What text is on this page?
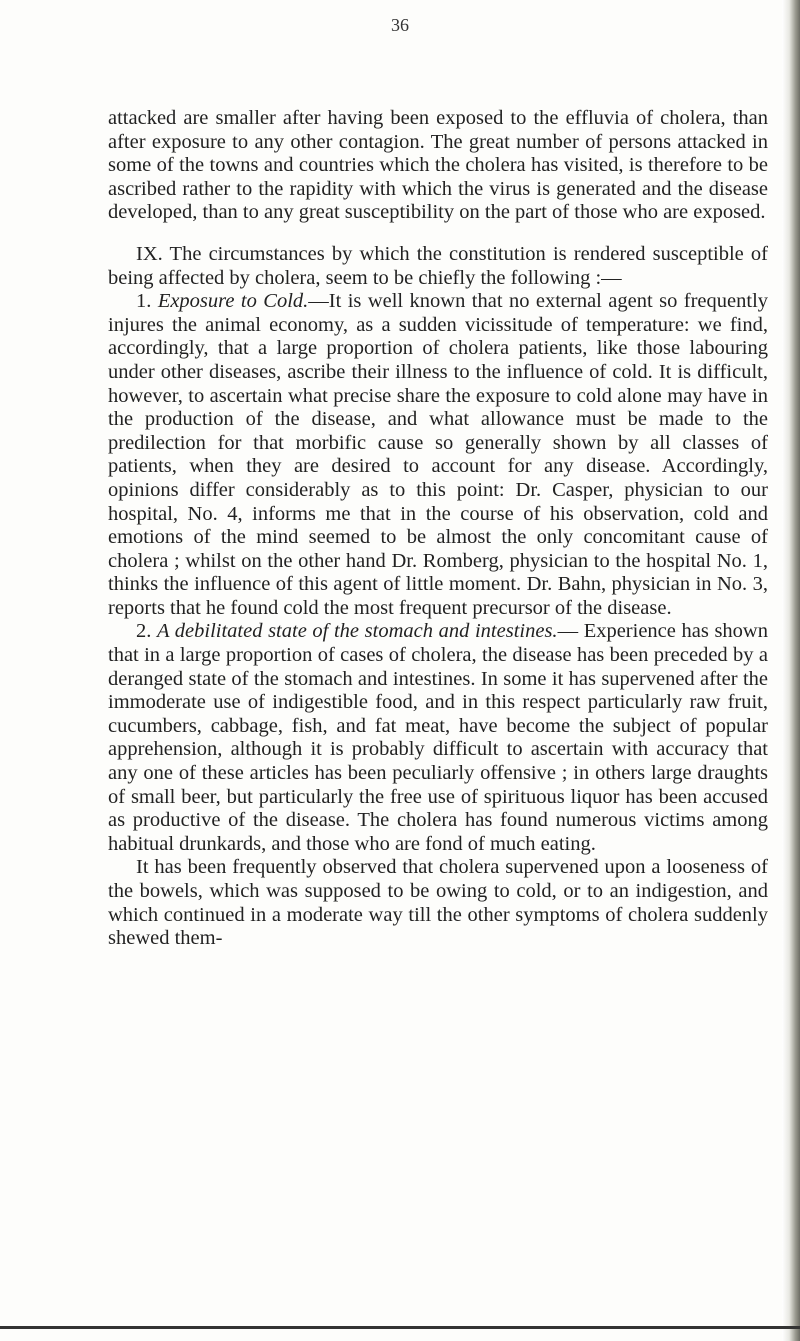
36

attacked are smaller after having been exposed to the effluvia of cholera, than after exposure to any other contagion. The great number of persons attacked in some of the towns and countries which the cholera has visited, is therefore to be ascribed rather to the rapidity with which the virus is generated and the disease developed, than to any great susceptibility on the part of those who are exposed.

IX. The circumstances by which the constitution is rendered susceptible of being affected by cholera, seem to be chiefly the following :—

1. Exposure to Cold.—It is well known that no external agent so frequently injures the animal economy, as a sudden vicissitude of temperature: we find, accordingly, that a large proportion of cholera patients, like those labouring under other diseases, ascribe their illness to the influence of cold. It is difficult, however, to ascertain what precise share the exposure to cold alone may have in the production of the disease, and what allowance must be made to the predilection for that morbific cause so generally shown by all classes of patients, when they are desired to account for any disease. Accordingly, opinions differ considerably as to this point: Dr. Casper, physician to our hospital, No. 4, informs me that in the course of his observation, cold and emotions of the mind seemed to be almost the only concomitant cause of cholera ; whilst on the other hand Dr. Romberg, physician to the hospital No. 1, thinks the influence of this agent of little moment. Dr. Bahn, physician in No. 3, reports that he found cold the most frequent precursor of the disease.

2. A debilitated state of the stomach and intestines.— Experience has shown that in a large proportion of cases of cholera, the disease has been preceded by a deranged state of the stomach and intestines. In some it has supervened after the immoderate use of indigestible food, and in this respect particularly raw fruit, cucumbers, cabbage, fish, and fat meat, have become the subject of popular apprehension, although it is probably difficult to ascertain with accuracy that any one of these articles has been peculiarly offensive ; in others large draughts of small beer, but particularly the free use of spirituous liquor has been accused as productive of the disease. The cholera has found numerous victims among habitual drunkards, and those who are fond of much eating.

It has been frequently observed that cholera supervened upon a looseness of the bowels, which was supposed to be owing to cold, or to an indigestion, and which continued in a moderate way till the other symptoms of cholera suddenly shewed them-
